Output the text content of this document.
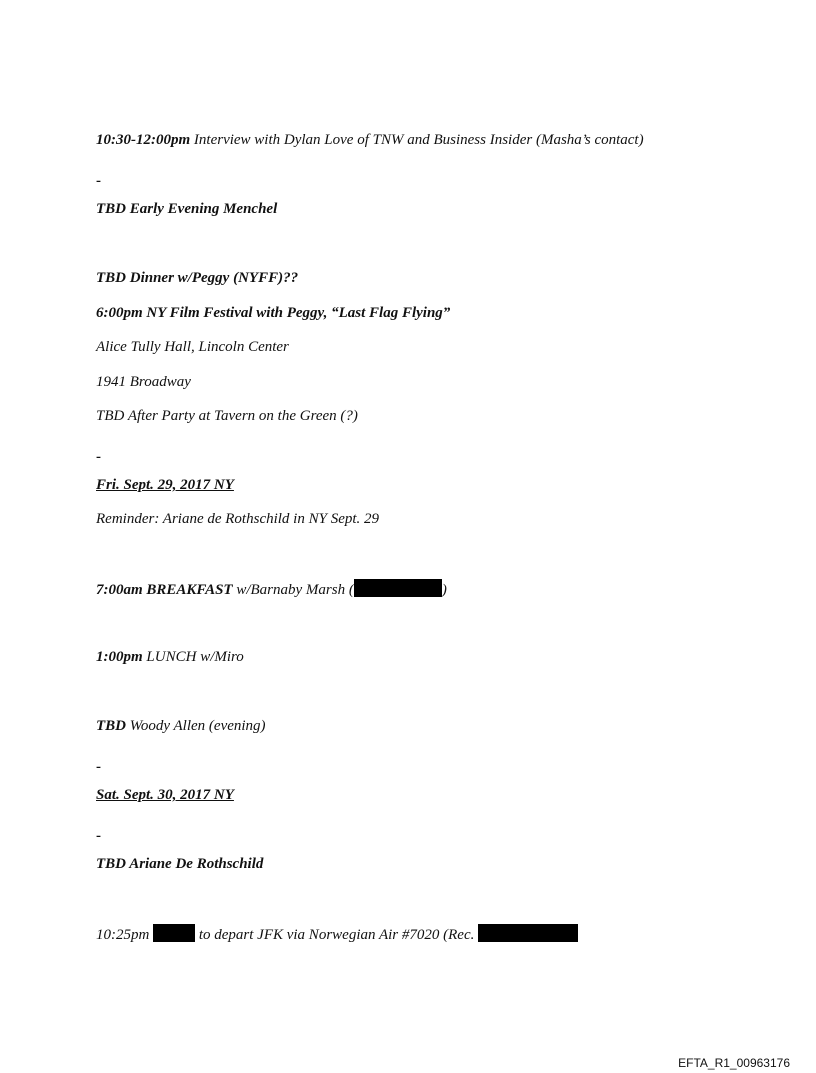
10:30-12:00pm Interview with Dylan Love of TNW and Business Insider (Masha’s contact)
-
TBD Early Evening Menchel
TBD Dinner w/Peggy (NYFF)??
6:00pm NY Film Festival with Peggy, “Last Flag Flying”
Alice Tully Hall, Lincoln Center
1941 Broadway
TBD After Party at Tavern on the Green (?)
-
Fri. Sept. 29, 2017 NY
Reminder: Ariane de Rothschild in NY Sept. 29
7:00am BREAKFAST w/Barnaby Marsh (	)
1:00pm LUNCH w/Miro
TBD Woody Allen (evening)
-
Sat. Sept. 30, 2017 NY
-
TBD Ariane De Rothschild
10:25pm	to depart JFK via Norwegian Air #7020 (Rec.
EFTA_R1_00963176
